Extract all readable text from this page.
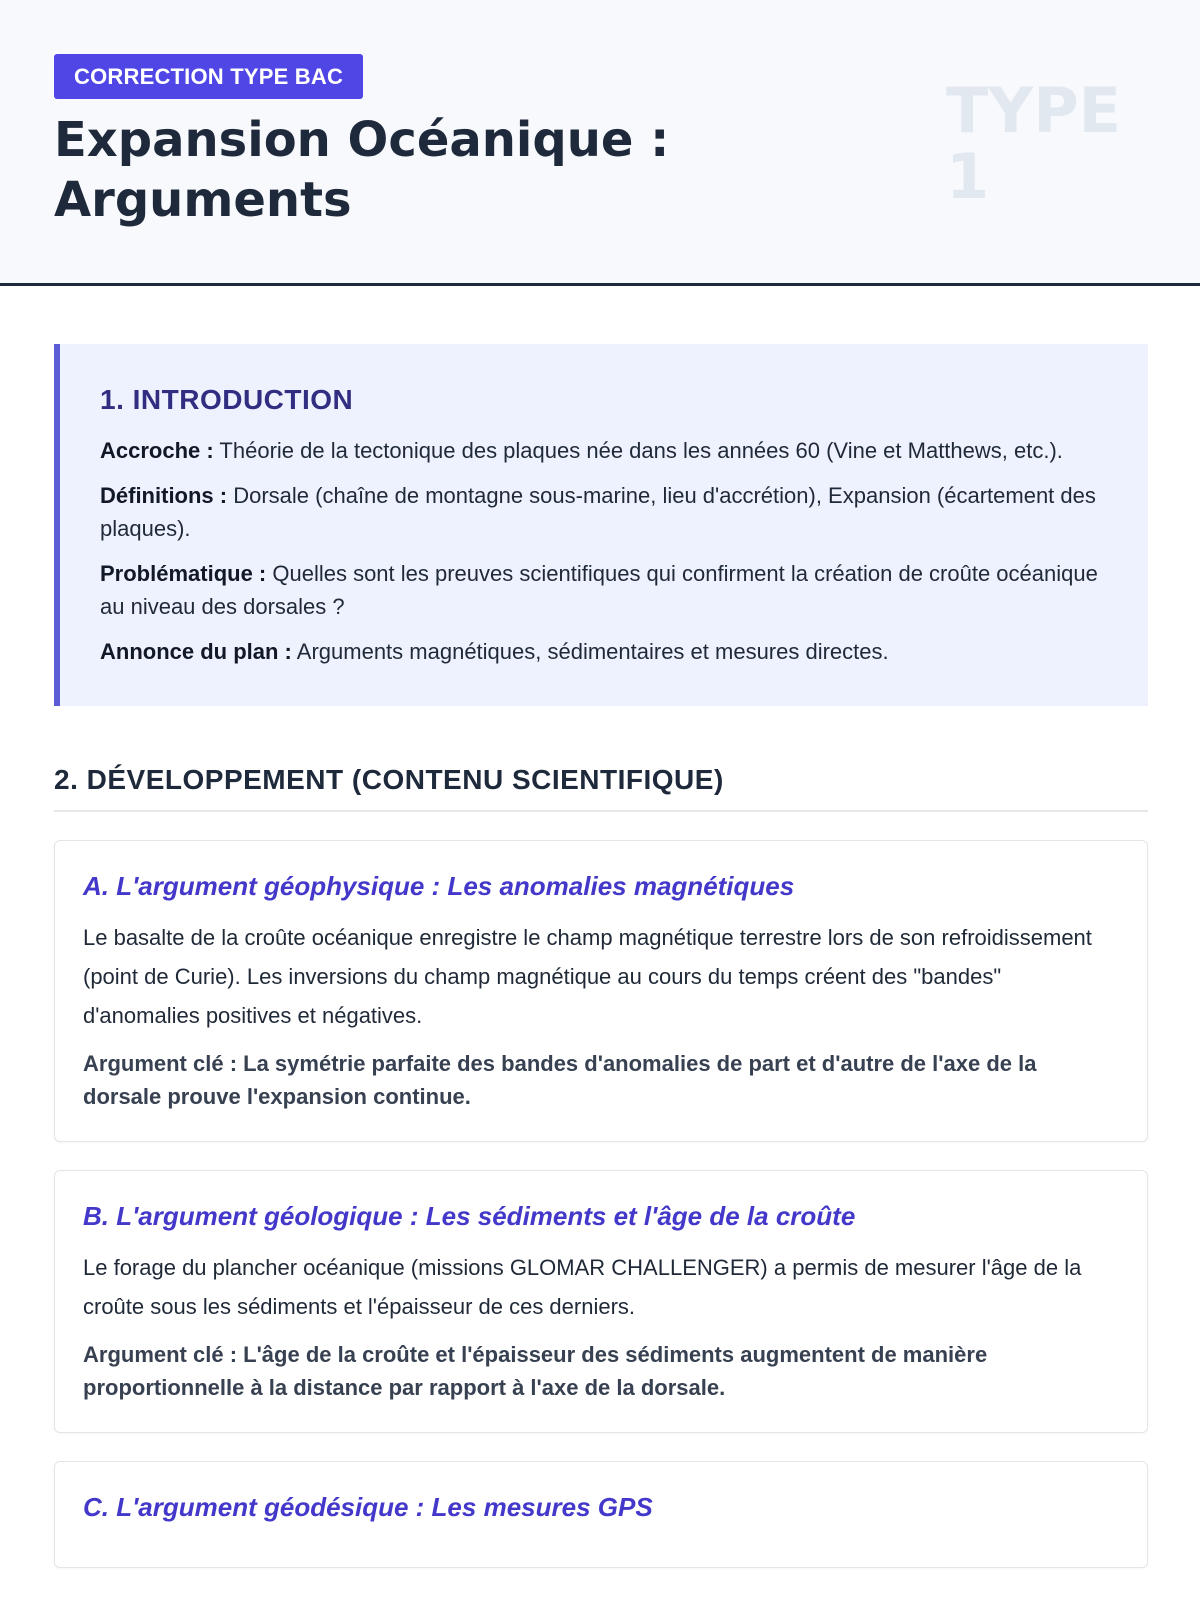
CORRECTION TYPE BAC
Expansion Océanique :
Arguments
TYPE
1
1. INTRODUCTION

Accroche : Théorie de la tectonique des plaques née dans les années 60 (Vine et Matthews, etc.).

Définitions : Dorsale (chaîne de montagne sous-marine, lieu d'accrétion), Expansion (écartement des plaques).

Problématique : Quelles sont les preuves scientifiques qui confirment la création de croûte océanique au niveau des dorsales ?

Annonce du plan : Arguments magnétiques, sédimentaires et mesures directes.

2. DÉVELOPPEMENT (CONTENU SCIENTIFIQUE)
A. L'argument géophysique : Les anomalies magnétiques

Le basalte de la croûte océanique enregistre le champ magnétique terrestre lors de son refroidissement (point de Curie). Les inversions du champ magnétique au cours du temps créent des "bandes" d'anomalies positives et négatives.

Argument clé : La symétrie parfaite des bandes d'anomalies de part et d'autre de l'axe de la dorsale prouve l'expansion continue.

B. L'argument géologique : Les sédiments et l'âge de la croûte

Le forage du plancher océanique (missions GLOMAR CHALLENGER) a permis de mesurer l'âge de la croûte sous les sédiments et l'épaisseur de ces derniers.

Argument clé : L'âge de la croûte et l'épaisseur des sédiments augmentent de manière proportionnelle à la distance par rapport à l'axe de la dorsale.

C. L'argument géodésique : Les mesures GPS
